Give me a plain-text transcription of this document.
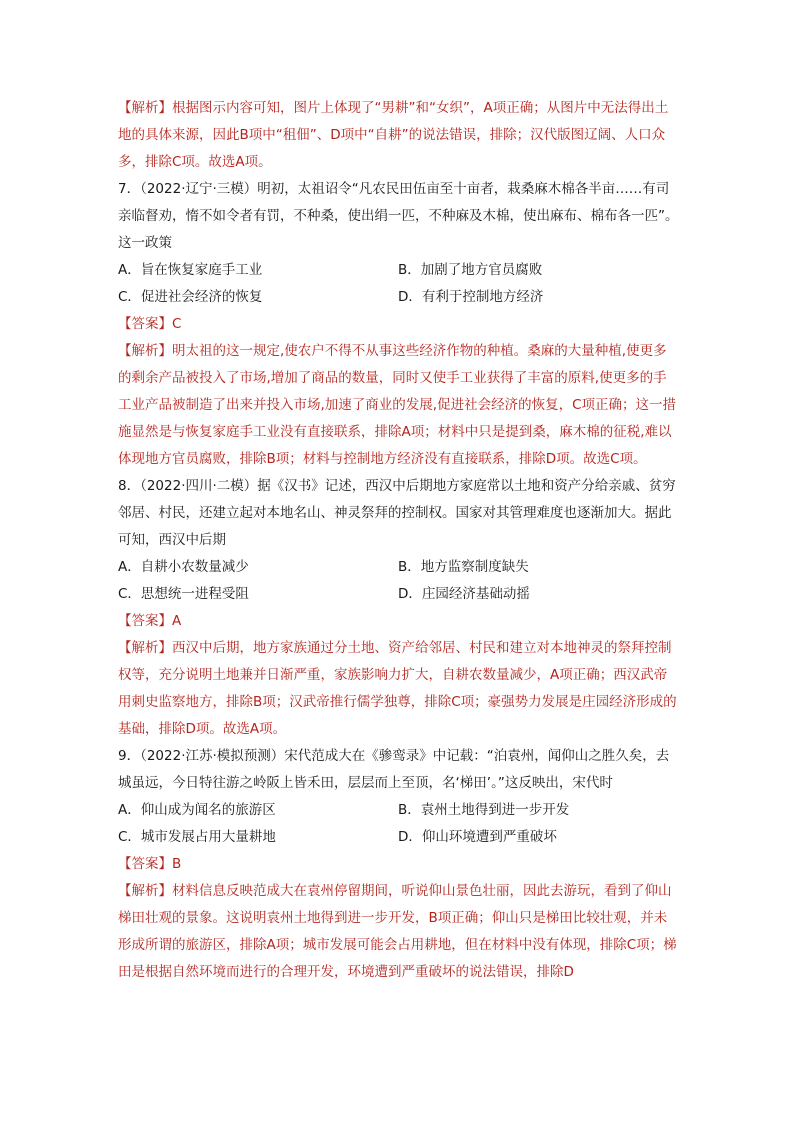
【解析】根据图示内容可知，图片上体现了“男耕”和“女织”，A项正确；从图片中无法得出土地的具体来源，因此B项中“租佃”、D项中“自耕”的说法错误，排除；汉代版图辽阔、人口众多，排除C项。故选A项。

7．（2022·辽宁·三模）明初，太祖诏令“凡农民田伍亩至十亩者，栽桑麻木棉各半亩……有司亲临督劝，惰不如令者有罚，不种桑，使出绢一匹，不种麻及木棉，使出麻布、棉布各一匹”。这一政策

A．旨在恢复家庭手工业	B．加剧了地方官员腐败
C．促进社会经济的恢复	D．有利于控制地方经济

【答案】C

【解析】明太祖的这一规定,使农户不得不从事这些经济作物的种植。桑麻的大量种植,使更多的剩余产品被投入了市场,增加了商品的数量，同时又使手工业获得了丰富的原料,使更多的手工业产品被制造了出来并投入市场,加速了商业的发展,促进社会经济的恢复，C项正确；这一措施显然是与恢复家庭手工业没有直接联系，排除A项；材料中只是提到桑，麻木棉的征税,难以体现地方官员腐败，排除B项；材料与控制地方经济没有直接联系，排除D项。故选C项。

8．（2022·四川·二模）据《汉书》记述，西汉中后期地方家庭常以土地和资产分给亲戚、贫穷邻居、村民，还建立起对本地名山、神灵祭拜的控制权。国家对其管理难度也逐渐加大。据此可知，西汉中后期

A．自耕小农数量减少	B．地方监察制度缺失
C．思想统一进程受阻	D．庄园经济基础动摇

【答案】A

【解析】西汉中后期，地方家族通过分土地、资产给邻居、村民和建立对本地神灵的祭拜控制权等，充分说明土地兼并日渐严重，家族影响力扩大，自耕农数量减少，A项正确；西汉武帝用刺史监察地方，排除B项；汉武帝推行儒学独尊，排除C项；豪强势力发展是庄园经济形成的基础，排除D项。故选A项。

9．（2022·江苏·模拟预测）宋代范成大在《骖鸾录》中记载：“泊袁州，闻仰山之胜久矣，去城虽远，今日特往游之岭阪上皆禾田，层层而上至顶，名‘梯田’。”这反映出，宋代时

A．仰山成为闻名的旅游区	B．袁州土地得到进一步开发
C．城市发展占用大量耕地	D．仰山环境遭到严重破坏

【答案】B

【解析】材料信息反映范成大在袁州停留期间，听说仰山景色壮丽，因此去游玩，看到了仰山梯田壮观的景象。这说明袁州土地得到进一步开发，B项正确；仰山只是梯田比较壮观，并未形成所谓的旅游区，排除A项；城市发展可能会占用耕地，但在材料中没有体现，排除C项；梯田是根据自然环境而进行的合理开发，环境遭到严重破坏的说法错误，排除D
